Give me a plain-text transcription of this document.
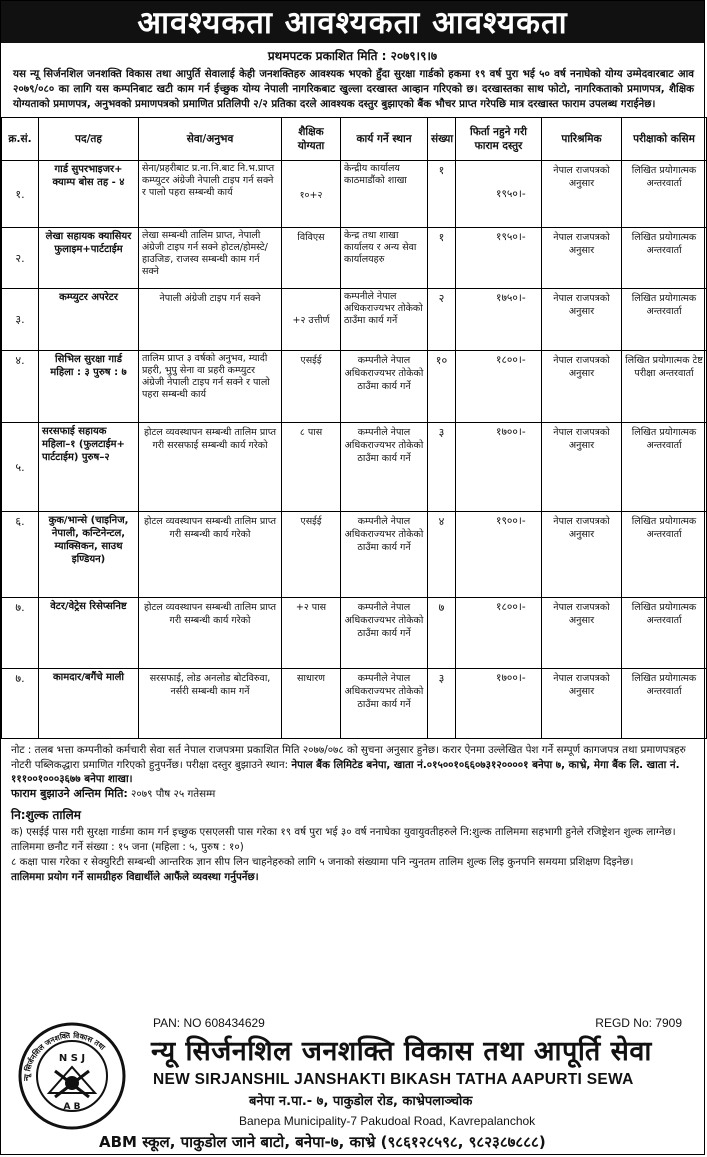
आवश्यकता आवश्यकता आवश्यकता
प्रथमपटक प्रकाशित मिति : २०७९।९।७
यस न्यू सिर्जनशिल जनशक्ति विकास तथा आपुर्ति सेवालाई केही जनशक्तिहरु आवश्यक भएको हुँदा सुरक्षा गार्डको हकमा १९ वर्ष पुरा भई ५० वर्ष ननाघेको योग्य उम्मेदवारबाट आव २०७९/०८० का लागि यस कम्पनिबाट खटी काम गर्न ईच्छुक योग्य नेपाली नागरिकबाट खुल्ला दरखास्त आव्हान गरिएको छ। दरखास्तका साथ फोटो, नागरिकताको प्रमाणपत्र, शैक्षिक योग्यताको प्रमाणपत्र, अनुभवको प्रमाणपत्रको प्रमाणित प्रतिलिपी २/२ प्रतिका दरले आवश्यक दस्तुर बुझाएको बैंक भौचर प्राप्त गरेपछि मात्र दरखास्त फाराम उपलब्ध गराईनेछ।
क्र.सं.	पद/तह	सेवा/अनुभव	शैक्षिक योग्यता	कार्य गर्ने स्थान	संख्या	फिर्ता नहुने गरी फाराम दस्तुर	पारिश्रमिक	परीक्षाको कसिम
१.	गार्ड सुपरभाइजर+ क्याम्प बोस तह - ४	सेना/प्रहरीबाट प्र.ना.नि.बाट नि.भ.प्राप्त कम्प्युटर अंग्रेजी नेपाली टाइप गर्न सक्ने र पालो पहरा सम्बन्धी कार्य	१०+२	केन्द्रीय कार्यालय काठमाडौंको शाखा	१	१९५०।-	नेपाल राजपत्रको अनुसार	लिखित प्रयोगात्मक अन्तरवार्ता
२.	लेखा सहायक क्यासियर फुलाइम+पार्टटाईम	लेखा सम्बन्धी तालिम प्राप्त, नेपाली अंग्रेजी टाइप गर्न सक्ने होटल/होमस्टे/हाउजिङ, राजस्व सम्बन्धी काम गर्न सक्ने	विविएस	केन्द्र तथा शाखा कार्यालय र अन्य सेवा कार्यालयहरु	१	१९५०।-	नेपाल राजपत्रको अनुसार	लिखित प्रयोगात्मक अन्तरवार्ता
३.	कम्प्युटर अपरेटर	नेपाली अंग्रेजी टाइप गर्न सक्ने	+२ उत्तीर्ण	कम्पनीले नेपाल अधिकराज्यभर तोकेको ठाउँमा कार्य गर्ने	२	१७५०।-	नेपाल राजपत्रको अनुसार	लिखित प्रयोगात्मक अन्तरवार्ता
४.	सिभिल सुरक्षा गार्ड महिला : ३ पुरुष : ७	तालिम प्राप्त ३ वर्षको अनुभव, म्यादी प्रहरी, भुपु सेना वा प्रहरी कम्प्युटर अंग्रेजी नेपाली टाइप गर्न सक्ने र पालो पहरा सम्बन्धी कार्य	एसईई	कम्पनीले नेपाल अधिकराज्यभर तोकेको ठाउँमा कार्य गर्ने	१०	१८००।-	नेपाल राजपत्रको अनुसार	लिखित प्रयोगात्मक टेष्ट परीक्षा अन्तरवार्ता
५.	सरसफाई सहायक महिला–१ (फुलटाईम+ पार्टटाईम) पुरुष–२	होटल व्यवस्थापन सम्बन्धी तालिम प्राप्त गरी सरसफाई सम्बन्धी कार्य गरेको	८ पास	कम्पनीले नेपाल अधिकराज्यभर तोकेको ठाउँमा कार्य गर्ने	३	१७००।-	नेपाल राजपत्रको अनुसार	लिखित प्रयोगात्मक अन्तरवार्ता
६.	कुक/भान्से (चाइनिज, नेपाली, कन्टिनेन्टल, म्याक्सिकन, साउथ इण्डियन)	होटल व्यवस्थापन सम्बन्धी तालिम प्राप्त गरी सम्बन्धी कार्य गरेको	एसईई	कम्पनीले नेपाल अधिकराज्यभर तोकेको ठाउँमा कार्य गर्ने	४	१९००।-	नेपाल राजपत्रको अनुसार	लिखित प्रयोगात्मक अन्तरवार्ता
७.	वेटर/वेट्रेस रिसेप्सनिष्ट	होटल व्यवस्थापन सम्बन्धी तालिम प्राप्त गरी सम्बन्धी कार्य गरेको	+२ पास	कम्पनीले नेपाल अधिकराज्यभर तोकेको ठाउँमा कार्य गर्ने	७	१८००।-	नेपाल राजपत्रको अनुसार	लिखित प्रयोगात्मक अन्तरवार्ता
७.	कामदार/बगैंचे माली	सरसफाई, लोड अनलोड बोटविरुवा, नर्सरी सम्बन्धी काम गर्ने	साधारण	कम्पनीले नेपाल अधिकराज्यभर तोकेको ठाउँमा कार्य गर्ने	३	१७००।-	नेपाल राजपत्रको अनुसार	लिखित प्रयोगात्मक अन्तरवार्ता
नोट : तलब भत्ता कम्पनीको कर्मचारी सेवा सर्त नेपाल राजपत्रमा प्रकाशित मिति २०७७/०७८ को सुचना अनुसार हुनेछ। करार ऐनमा उल्लेखित पेश गर्ने सम्पूर्ण कागजपत्र तथा प्रमाणपत्रहरु नोटरी पब्लिकद्धारा प्रमाणित गरिएको हुनुपर्नेछ। परीक्षा दस्तुर बुझाउने स्थान: नेपाल बैंक लिमिटेड बनेपा, खाता नं.०१५००१०६६०७३१२००००१ बनेपा ७, काभ्रे, मेगा बैंक लि. खाता नं. १११००१०००३६७७ बनेपा शाखा।
फाराम बुझाउने अन्तिम मिति: २०७९ पौष २५ गतेसम्म
नि:शुल्क तालिम
क) एसईई पास गरी सुरक्षा गार्डमा काम गर्न इच्छुक एसएलसी पास गरेका १९ वर्ष पुरा भई ३० वर्ष ननाघेका युवायुवतीहरुले नि:शुल्क तालिममा सहभागी हुनेले रजिष्ट्रेशन शुल्क लाग्नेछ। तालिममा छनौट गर्ने संख्या : १५ जना (महिला : ५, पुरुष : १०)
८ कक्षा पास गरेका र सेक्युरिटी सम्बन्धी आन्तरिक ज्ञान सीप लिन चाहनेहरुको लागि ५ जनाको संख्यामा पनि न्युनतम तालिम शुल्क लिइ कुनपनि समयमा प्रशिक्षण दिइनेछ।
तालिममा प्रयोग गर्ने सामग्रीहरु विद्यार्थीले आफैंले व्यवस्था गर्नुपर्नेछ।
न्यू सिर्जनशिल जनशक्ति विकास तथा
N S J
A B
PAN: NO 608434629	REGD No: 7909
न्यू सिर्जनशिल जनशक्ति विकास तथा आपूर्ति सेवा
NEW SIRJANSHIL JANSHAKTI BIKASH TATHA AAPURTI SEWA
बनेपा न.पा.- ७, पाकुडोल रोड, काभ्रेपलाञ्चोक
Banepa Municipality-7 Pakudoal Road, Kavrepalanchok
ABM स्कूल, पाकुडोल जाने बाटो, बनेपा-७, काभ्रे (९८६१२८५९८, ९८२३८७८८८)
